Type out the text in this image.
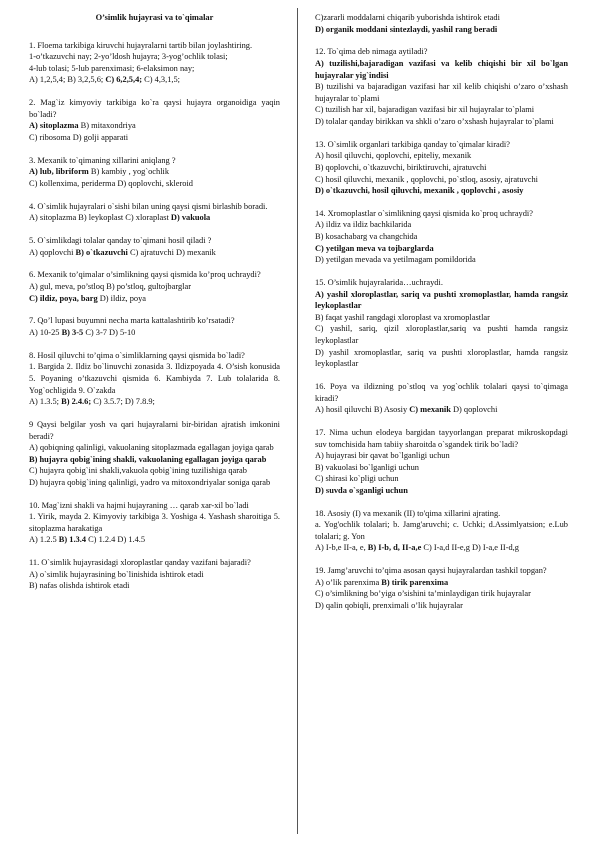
O’simlik hujayrasi va to`qimalar

1. Floema tarkibiga kiruvchi hujayralarni tartib bilan joylashtiring.

1-o’tkazuvchi nay; 2-yo’ldosh hujayra; 3-yog’ochlik tolasi;

4-lub tolasi; 5-lub parenximasi; 6-elaksimon nay;

A) 1,2,5,4; B) 3,2,5,6; C) 6,2,5,4; C) 4,3,1,5;

2. Mag`iz kimyoviy tarkibiga ko`ra qaysi hujayra organoidiga yaqin bo`ladi?

A) sitoplazma B) mitaxondriya

C) ribosoma D) golji apparati

3. Mexanik to`qimaning xillarini aniqlang ?

A) lub, libriform B) kambiy , yog`ochlik

C) kollenxima, periderma D) qoplovchi, skleroid

4. O`simlik hujayralari o`sishi bilan uning qaysi qismi birlashib boradi.

A) sitoplazma B) leykoplast C) xloraplast D) vakuola

5. O`simlikdagi tolalar qanday to`qimani hosil qiladi ?

A) qoplovchi B) o`tkazuvchi C) ajratuvchi D) mexanik

6. Mexanik to’qimalar o’simlikning qaysi qismida ko’proq uchraydi?

A) gul, meva, po’stloq B) po’stloq, gultojbarglar

C) ildiz, poya, barg D) ildiz, poya

7. Qo’l lupasi buyumni necha marta kattalashtirib ko’rsatadi?

A) 10-25 B) 3-5 C) 3-7 D) 5-10

8. Hosil qiluvchi to’qima o`simliklarning qaysi qismida bo`ladi?

1. Bargida 2. Ildiz bo`linuvchi zonasida 3. Ildizpoyada 4. O’sish konusida 5. Poyaning o’tkazuvchi qismida 6. Kambiyda 7. Lub tolalarida 8. Yog`ochligida 9. O`zakda

A) 1.3.5; B) 2.4.6; C) 3.5.7; D) 7.8.9;

9 Qaysi belgilar yosh va qari hujayralarni bir-biridan ajratish imkonini beradi?

A) qobiqning qalinligi, vakuolaning sitoplazmada egallagan joyiga qarab

B) hujayra qobig`ining shakli, vakuolaning egallagan joyiga qarab

C) hujayra qobig`ini shakli,vakuola qobig`ining tuzilishiga qarab

D) hujayra qobig`ining qalinligi, yadro va mitoxondriyalar soniga qarab

10. Mag`izni shakli va hajmi hujayraning … qarab xar-xil bo`ladi

1. Yirik, mayda 2. Kimyoviy tarkibiga 3. Yoshiga 4. Yashash sharoitiga 5. sitoplazma harakatiga

A) 1.2.5 B) 1.3.4 C) 1.2.4 D) 1.4.5

11. O`simlik hujayrasidagi xloroplastlar qanday vazifani bajaradi?

A) o`simlik hujayrasining bo`linishida ishtirok etadi

B) nafas olishda ishtirok etadi

C)zararli moddalarni chiqarib yuborishda ishtirok etadi

D) organik moddani sintezlaydi, yashil rang beradi

12. To`qima deb nimaga aytiladi?

A) tuzilishi,bajaradigan vazifasi va kelib chiqishi bir xil bo`lgan hujayralar yig`indisi

B) tuzilishi va bajaradigan vazifasi har xil kelib chiqishi o’zaro o’xshash hujayralar to`plami

C) tuzilish har xil, bajaradigan vazifasi bir xil hujayralar to`plami

D) tolalar qanday birikkan va shkli o’zaro o’xshash hujayralar to`plami

13. O`simlik organlari tarkibiga qanday to`qimalar kiradi?

A) hosil qiluvchi, qoplovchi, epiteliy, mexanik

B) qoplovchi, o`tkazuvchi, biriktiruvchi, ajratuvchi

C) hosil qiluvchi, mexanik , qoplovchi, po`stloq, asosiy, ajratuvchi

D) o`tkazuvchi, hosil qiluvchi, mexanik , qoplovchi , asosiy

14. Xromoplastlar o`simlikning qaysi qismida ko`proq uchraydi?

A) ildiz va ildiz bachkilarida

B) kosachabarg va changchida

C) yetilgan meva va tojbarglarda

D) yetilgan mevada va yetilmagam pomildorida

15. O’simlik hujayralarida…uchraydi.

A) yashil xloroplastlar, sariq va pushti xromoplastlar, hamda rangsiz leykoplastlar

B) faqat yashil rangdagi xloroplast va xromoplastlar

C) yashil, sariq, qizil xloroplastlar,sariq va pushti hamda rangsiz leykoplastlar

D) yashil xromoplastlar, sariq va pushti xloroplastlar, hamda rangsiz leykoplastlar

16. Poya va ildizning po`stloq va yog`ochlik tolalari qaysi to`qimaga kiradi?

A) hosil qiluvchi B) Asosiy C) mexanik D) qoplovchi

17. Nima uchun elodeya bargidan tayyorlangan preparat mikroskopdagi suv tomchisida ham tabiiy sharoitda o`sgandek tirik bo`ladi?

A) hujayrasi bir qavat bo`lganligi uchun

B) vakuolasi bo`lganligi uchun

C) shirasi ko`pligi uchun

D) suvda o`sganligi uchun

18. Asosiy (I) va mexanik (II) to'qima xillarini ajrating.

a. Yog'ochlik tolalari; b. Jamg'aruvchi; c. Uchki; d.Assimlyatsion; e.Lub tolalari; g. Yon

A) I-b,e II-a, e, B) I-b, d, II-a,e C) I-a,d II-e,g D) I-a,e II-d,g

19. Jamg’aruvchi to’qima asosan qaysi hujayralardan tashkil topgan?

A) o’lik parenxima B) tirik parenxima

C) o’simlikning bo’yiga o’sishini ta’minlaydigan tirik hujayralar

D) qalin qobiqli, prenximali o’lik hujayralar
